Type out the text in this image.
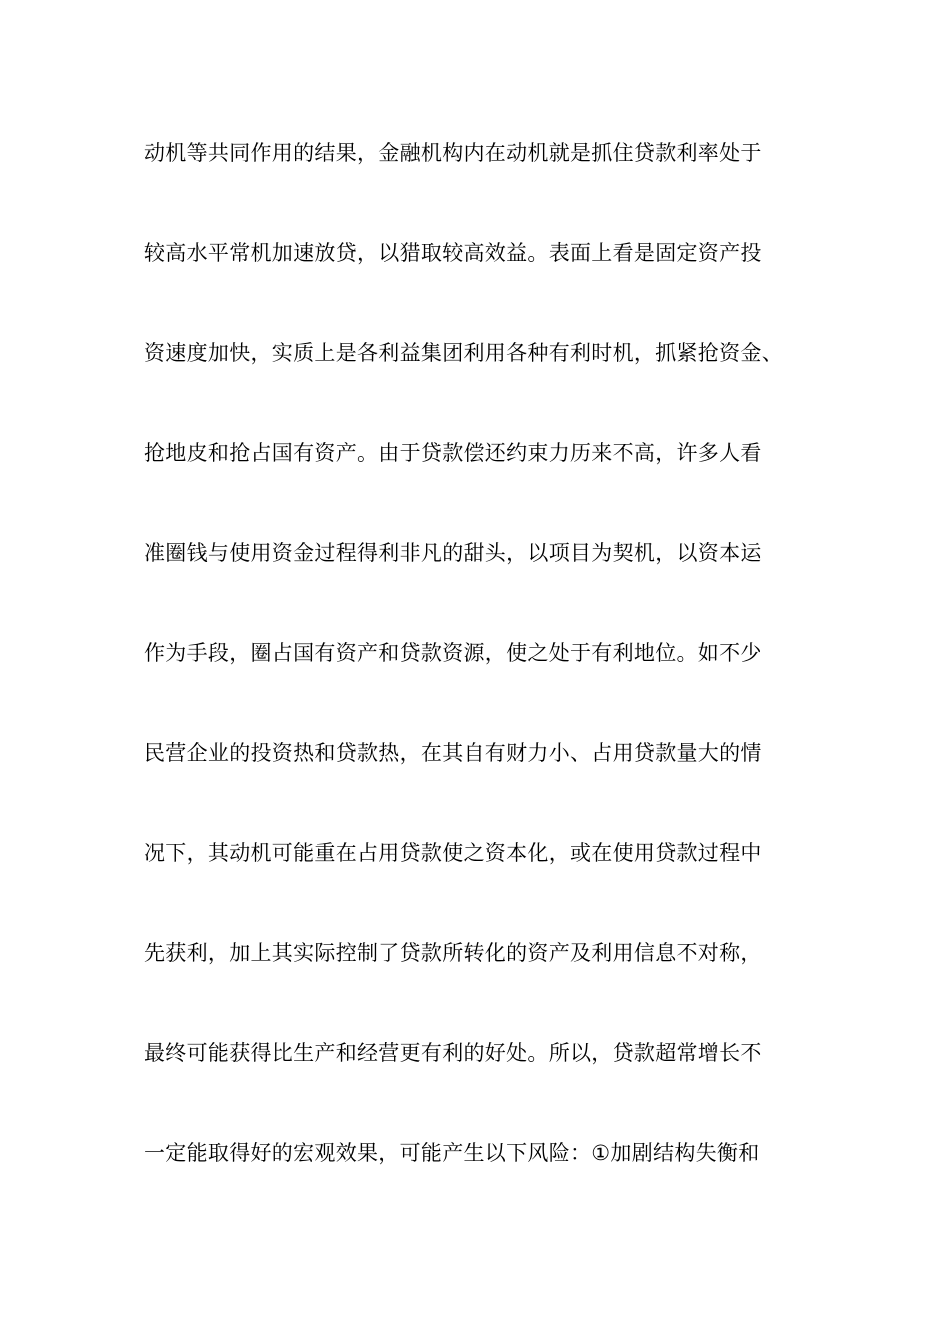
动机等共同作用的结果，金融机构内在动机就是抓住贷款利率处于
较高水平常机加速放贷，以猎取较高效益。表面上看是固定资产投
资速度加快，实质上是各利益集团利用各种有利时机，抓紧抢资金、
抢地皮和抢占国有资产。由于贷款偿还约束力历来不高，许多人看
准圈钱与使用资金过程得利非凡的甜头，以项目为契机，以资本运
作为手段，圈占国有资产和贷款资源，使之处于有利地位。如不少
民营企业的投资热和贷款热，在其自有财力小、占用贷款量大的情
况下，其动机可能重在占用贷款使之资本化，或在使用贷款过程中
先获利，加上其实际控制了贷款所转化的资产及利用信息不对称，
最终可能获得比生产和经营更有利的好处。所以，贷款超常增长不
一定能取得好的宏观效果，可能产生以下风险：①加剧结构失衡和
